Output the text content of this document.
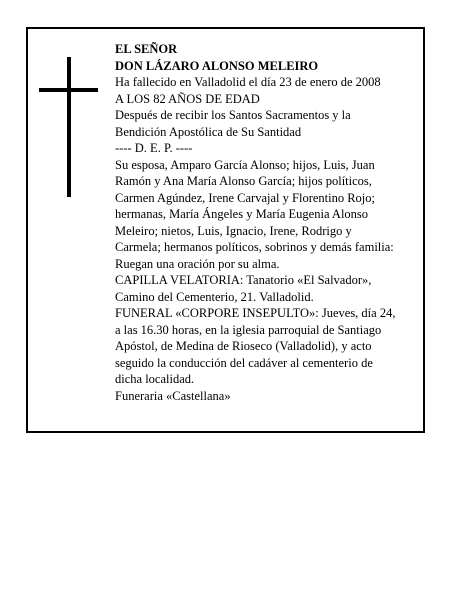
EL SEÑOR
DON LÁZARO ALONSO MELEIRO
Ha fallecido en Valladolid el día 23 de enero de 2008
A LOS 82 AÑOS DE EDAD
Después de recibir los Santos Sacramentos y la
Bendición Apostólica de Su Santidad
---- D. E. P. ----
Su esposa, Amparo García Alonso; hijos, Luis, Juan
Ramón y Ana María Alonso García; hijos políticos,
Carmen Agúndez, Irene Carvajal y Florentino Rojo;
hermanas, María Ángeles y María Eugenia Alonso
Meleiro; nietos, Luis, Ignacio, Irene, Rodrigo y
Carmela; hermanos políticos, sobrinos y demás familia:
Ruegan una oración por su alma.
CAPILLA VELATORIA: Tanatorio «El Salvador»,
Camino del Cementerio, 21. Valladolid.
FUNERAL «CORPORE INSEPULTO»: Jueves, día 24,
a las 16.30 horas, en la iglesia parroquial de Santiago
Apóstol, de Medina de Rioseco (Valladolid), y acto
seguido la conducción del cadáver al cementerio de
dicha localidad.
Funeraria «Castellana»
